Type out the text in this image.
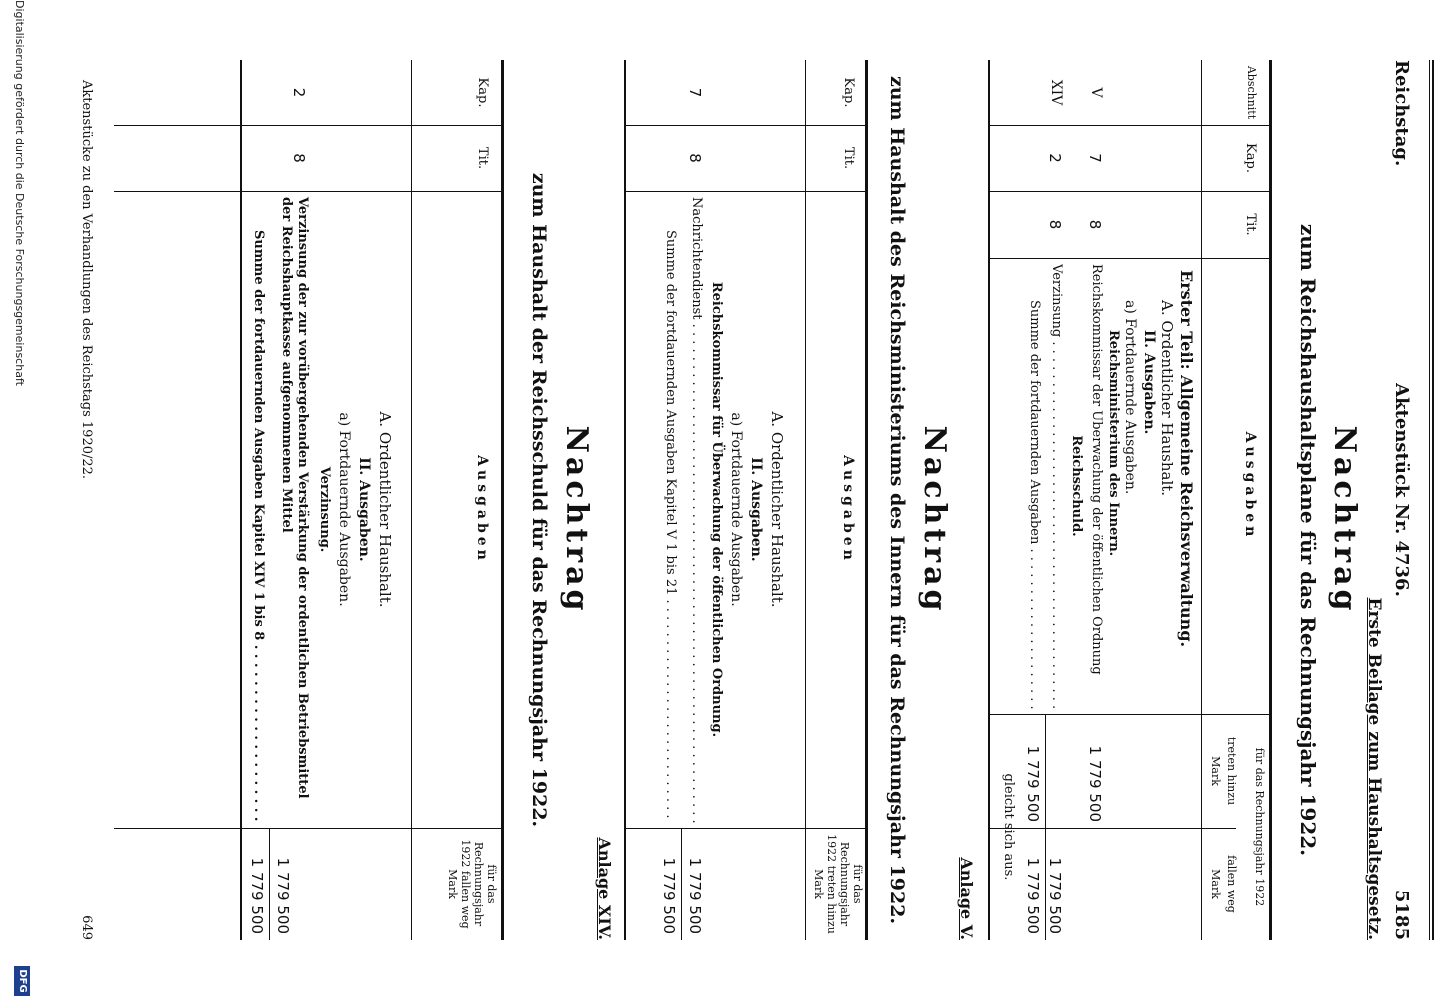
Reichstag.
Aktenstück Nr. 4736.
5185
Erste Beilage zum Haushaltsgesetz.
Nachtrag
zum Reichshaushaltsplane für das Rechnungsjahr 1922.
Abschnitt
Kap.
Tit.
Ausgaben
für das Rechnungsjahr 1922
treten hinzu
Mark
fallen weg
Mark
Erster Teil: Allgemeine Reichsverwaltung.
A. Ordentlicher Haushalt.
II. Ausgaben.
a) Fortdauernde Ausgaben.
Reichsministerium des Innern.
V
7
8
Reichskommissar der Überwachung der öffentlichen Ordnung
1 779 500
Reichsschuld.
XIV
2
8
Verzinsung . . .
1 779 500
Summe der fortdauernden Ausgaben . . .
1 779 500
1 779 500
gleicht sich aus.
Anlage V.
Nachtrag
zum Haushalt des Reichsministeriums des Innern für das Rechnungsjahr 1922.
Kap.
Tit.
Ausgaben
für das Rechnungsjahr 1922 treten hinzu Mark
A. Ordentlicher Haushalt.
II. Ausgaben.
a) Fortdauernde Ausgaben.
Reichskommissar für Überwachung der öffentlichen Ordnung.
7
8
Nachrichtendienst . . .
1 779 500
Summe der fortdauernden Ausgaben Kapitel V 1 bis 21 . . .
1 779 500
Anlage XIV.
Nachtrag
zum Haushalt der Reichsschuld für das Rechnungsjahr 1922.
Kap.
Tit.
Ausgaben
für das Rechnungsjahr 1922 fallen weg Mark
A. Ordentlicher Haushalt.
II. Ausgaben.
a) Fortdauernde Ausgaben.
Verzinsung.
2
8
Verzinsung der zur vorübergehenden Verstärkung der ordentlichen Betriebsmittel der Reichshauptkasse aufgenommenen Mittel
1 779 500
Summe der fortdauernden Ausgaben Kapitel XIV 1 bis 8 . . .
1 779 500
Aktenstücke zu den Verhandlungen des Reichstags 1920/22.
649
Digitalisierung gefördert durch die Deutsche Forschungsgemeinschaft
DFG
